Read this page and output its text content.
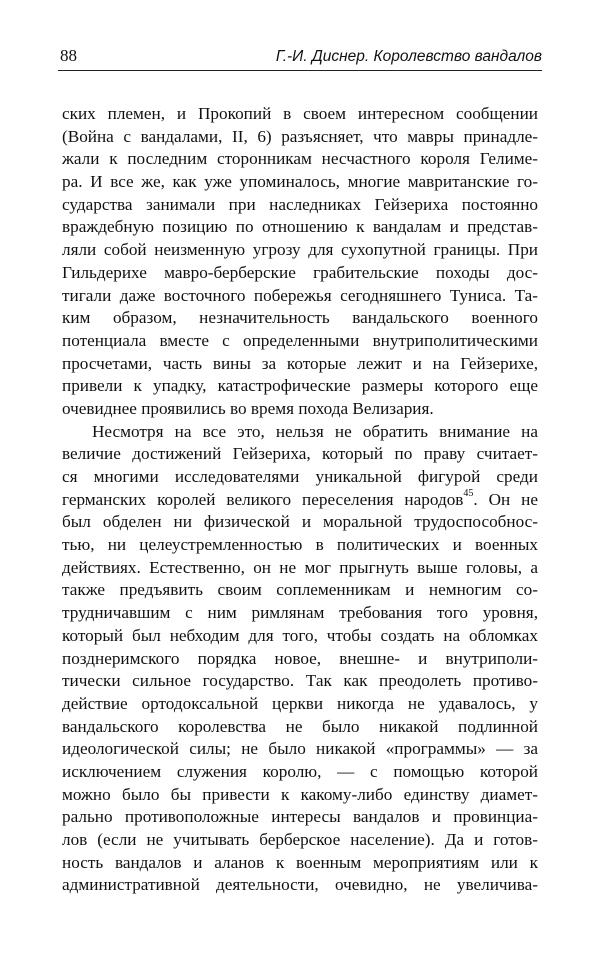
88	Г.-И. Диснер. Королевство вандалов
ских племен, и Прокопий в своем интересном сообщении
(Война с вандалами, II, 6) разъясняет, что мавры принадле-
жали к последним сторонникам несчастного короля Гелиме-
ра. И все же, как уже упоминалось, многие мавританские го-
сударства занимали при наследниках Гейзериха постоянно
враждебную позицию по отношению к вандалам и представ-
ляли собой неизменную угрозу для сухопутной границы. При
Гильдерихе мавро-берберские грабительские походы дос-
тигали даже восточного побережья сегодняшнего Туниса. Та-
ким образом, незначительность вандальского военного
потенциала вместе с определенными внутриполитическими
просчетами, часть вины за которые лежит и на Гейзерихе,
привели к упадку, катастрофические размеры которого еще
очевиднее проявились во время похода Велизария.
Несмотря на все это, нельзя не обратить внимание на
величие достижений Гейзериха, который по праву считает-
ся многими исследователями уникальной фигурой среди
германских королей великого переселения народов$^{45}$. Он не
был обделен ни физической и моральной трудоспособнос-
тью, ни целеустремленностью в политических и военных
действиях. Естественно, он не мог прыгнуть выше головы, а
также предъявить своим соплеменникам и немногим со-
трудничавшим с ним римлянам требования того уровня,
который был небходим для того, чтобы создать на обломках
позднеримского порядка новое, внешне- и внутриполи-
тически сильное государство. Так как преодолеть противо-
действие ортодоксальной церкви никогда не удавалось, у
вандальского королевства не было никакой подлинной
идеологической силы; не было никакой «программы» — за
исключением служения королю, — с помощью которой
можно было бы привести к какому-либо единству диамет-
рально противоположные интересы вандалов и провинциа-
лов (если не учитывать берберское население). Да и готов-
ность вандалов и аланов к военным мероприятиям или к
административной деятельности, очевидно, не увеличива-
